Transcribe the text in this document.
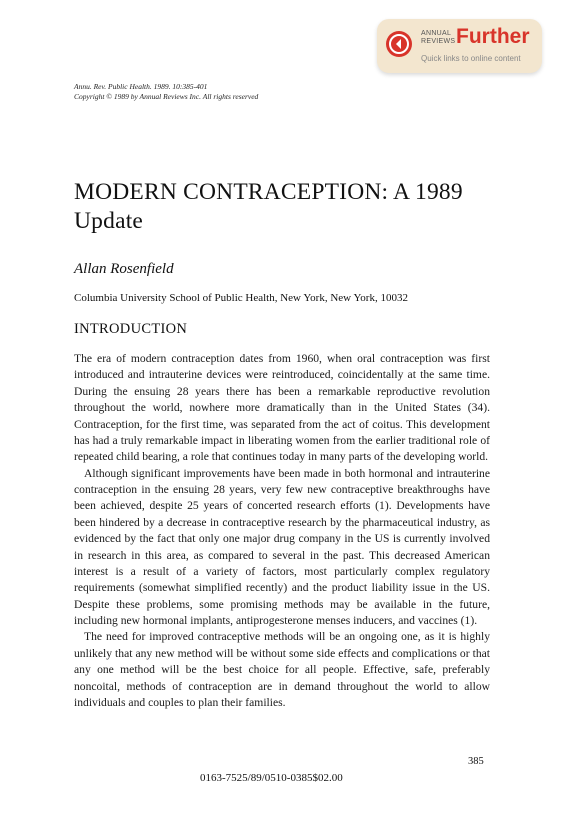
ANNUAL REVIEWS Further
Quick links to online content
Annu. Rev. Public Health. 1989. 10:385-401
Copyright © 1989 by Annual Reviews Inc. All rights reserved
MODERN CONTRACEPTION: A 1989 Update
Allan Rosenfield
Columbia University School of Public Health, New York, New York, 10032
INTRODUCTION

The era of modern contraception dates from 1960, when oral contraception was first introduced and intrauterine devices were reintroduced, coincidentally at the same time. During the ensuing 28 years there has been a remarkable reproductive revolution throughout the world, nowhere more dramatically than in the United States (34). Contraception, for the first time, was separated from the act of coitus. This development has had a truly remarkable impact in liberating women from the earlier traditional role of repeated child bearing, a role that continues today in many parts of the developing world.

Although significant improvements have been made in both hormonal and intrauterine contraception in the ensuing 28 years, very few new contraceptive breakthroughs have been achieved, despite 25 years of concerted research efforts (1). Developments have been hindered by a decrease in contraceptive research by the pharmaceutical industry, as evidenced by the fact that only one major drug company in the US is currently involved in research in this area, as compared to several in the past. This decreased American interest is a result of a variety of factors, most particularly complex regulatory requirements (somewhat simplified recently) and the product liability issue in the US. Despite these problems, some promising methods may be available in the future, including new hormonal implants, antiprogesterone menses inducers, and vaccines (1).

The need for improved contraceptive methods will be an ongoing one, as it is highly unlikely that any new method will be without some side effects and complications or that any one method will be the best choice for all people. Effective, safe, preferably noncoital, methods of contraception are in demand throughout the world to allow individuals and couples to plan their families.

385
0163-7525/89/0510-0385$02.00
